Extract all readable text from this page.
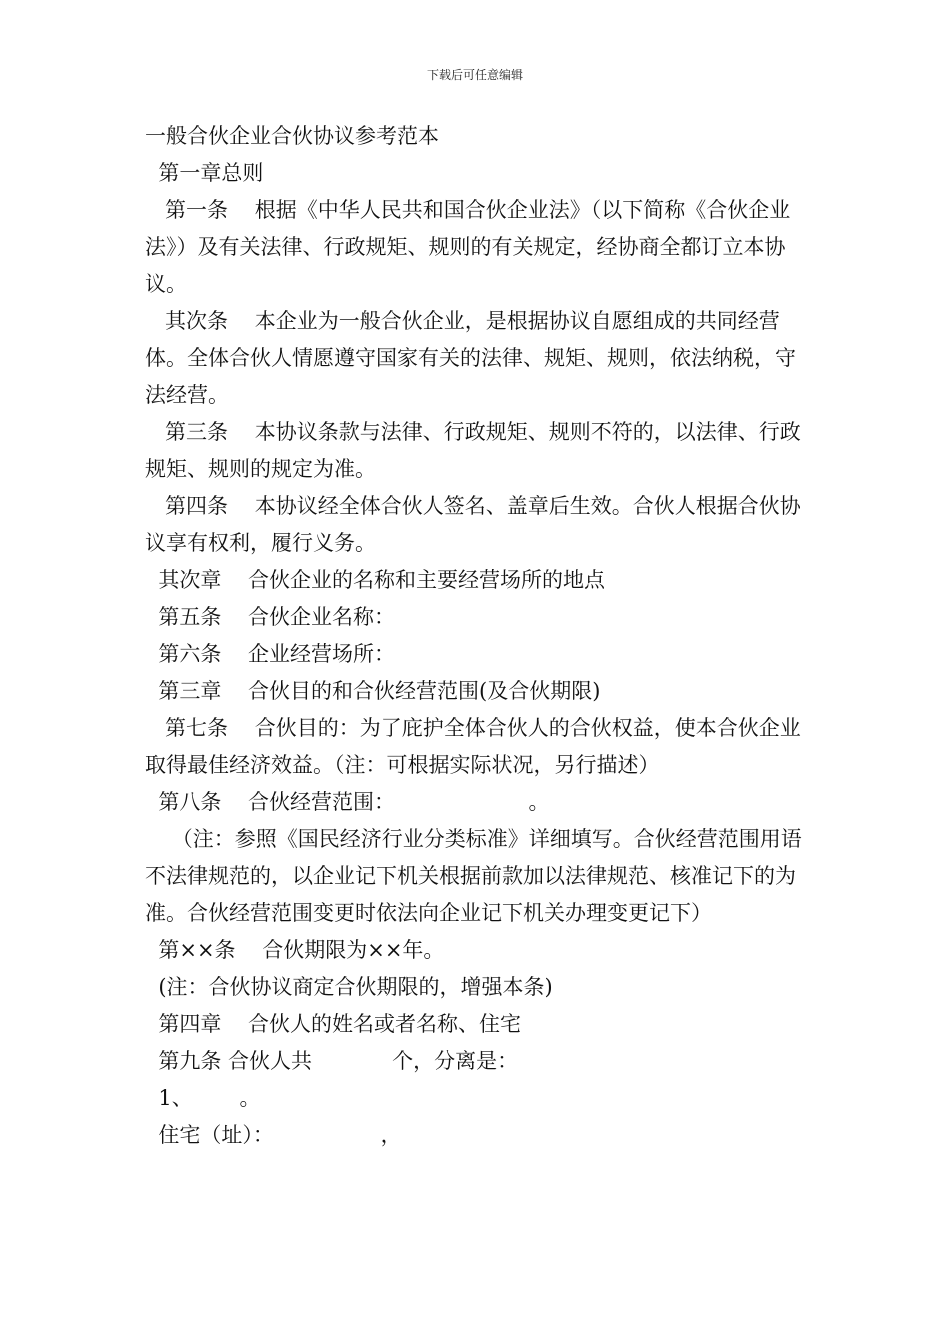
下载后可任意编辑
一般合伙企业合伙协议参考范本
第一章总则
第一条    根据《中华人民共和国合伙企业法》（以下简称《合伙企业法》）及有关法律、行政规矩、规则的有关规定，经协商全都订立本协议。
其次条    本企业为一般合伙企业，是根据协议自愿组成的共同经营体。全体合伙人情愿遵守国家有关的法律、规矩、规则，依法纳税，守法经营。
第三条    本协议条款与法律、行政规矩、规则不符的，以法律、行政规矩、规则的规定为准。
第四条    本协议经全体合伙人签名、盖章后生效。合伙人根据合伙协议享有权利，履行义务。
其次章    合伙企业的名称和主要经营场所的地点
第五条    合伙企业名称：
第六条    企业经营场所：
第三章    合伙目的和合伙经营范围(及合伙期限)
第七条    合伙目的：为了庇护全体合伙人的合伙权益，使本合伙企业取得最佳经济效益。（注：可根据实际状况，另行描述）
第八条    合伙经营范围：                    。
（注：参照《国民经济行业分类标准》详细填写。合伙经营范围用语不法律规范的，以企业记下机关根据前款加以法律规范、核准记下的为准。合伙经营范围变更时依法向企业记下机关办理变更记下）
第××条    合伙期限为××年。
(注：合伙协议商定合伙期限的，增强本条)
第四章    合伙人的姓名或者名称、住宅
第九条 合伙人共            个，分离是：
1、       。
住宅（址）：                ，
